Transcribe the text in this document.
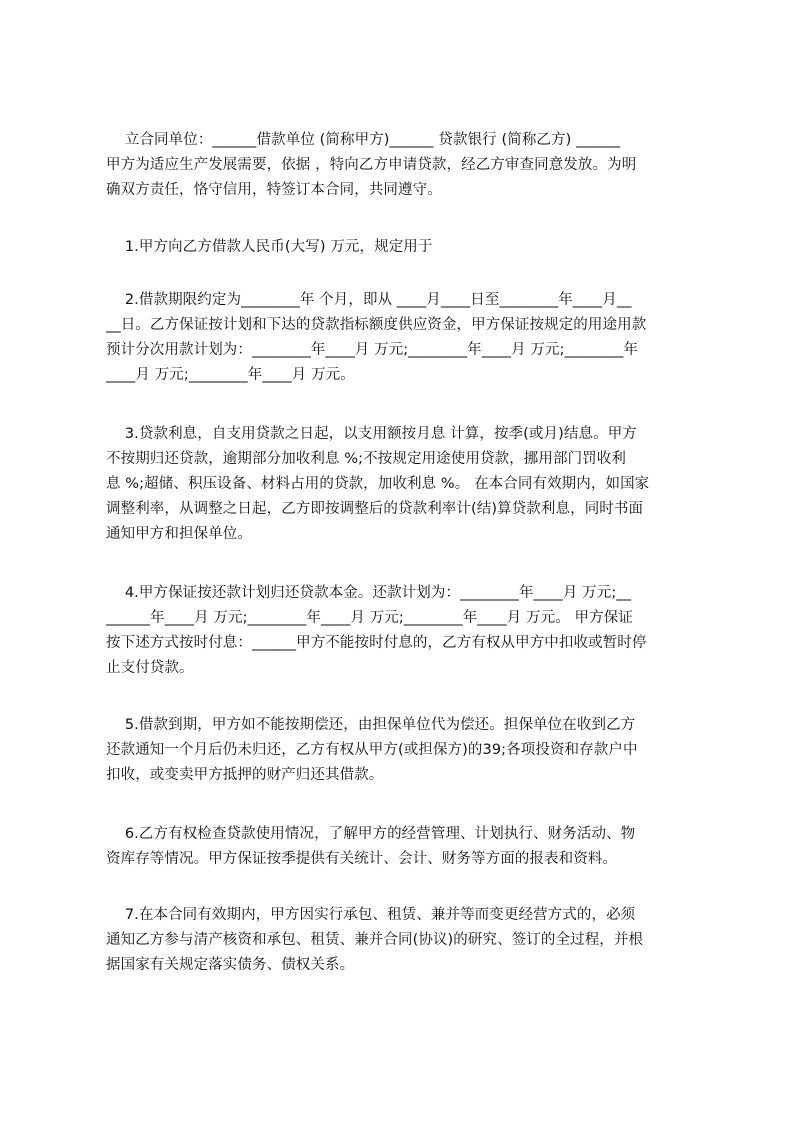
立合同单位：______借款单位 (简称甲方)______ 贷款银行 (简称乙方) ______
甲方为适应生产发展需要，依据 ，特向乙方申请贷款，经乙方审查同意发放。为明
确双方责任，恪守信用，特签订本合同，共同遵守。
1.甲方向乙方借款人民币(大写) 万元，规定用于
2.借款期限约定为________年 个月，即从 ____月____日至________年____月__
__日。乙方保证按计划和下达的贷款指标额度供应资金，甲方保证按规定的用途用款
预计分次用款计划为：________年____月 万元;________年____月 万元;________年
____月 万元;________年____月 万元。
3.贷款利息，自支用贷款之日起，以支用额按月息 计算，按季(或月)结息。甲方
不按期归还贷款，逾期部分加收利息 %;不按规定用途使用贷款，挪用部门罚收利
息 %;超储、积压设备、材料占用的贷款，加收利息 %。 在本合同有效期内，如国家
调整利率，从调整之日起，乙方即按调整后的贷款利率计(结)算贷款利息，同时书面
通知甲方和担保单位。
4.甲方保证按还款计划归还贷款本金。还款计划为：________年____月 万元;__
______年____月 万元;________年____月 万元;________年____月 万元。 甲方保证
按下述方式按时付息：______甲方不能按时付息的，乙方有权从甲方中扣收或暂时停
止支付贷款。
5.借款到期，甲方如不能按期偿还，由担保单位代为偿还。担保单位在收到乙方
还款通知一个月后仍未归还，乙方有权从甲方(或担保方)的39;各项投资和存款户中
扣收，或变卖甲方抵押的财产归还其借款。
6.乙方有权检查贷款使用情况，了解甲方的经营管理、计划执行、财务活动、物
资库存等情况。甲方保证按季提供有关统计、会计、财务等方面的报表和资料。
7.在本合同有效期内，甲方因实行承包、租赁、兼并等而变更经营方式的，必须
通知乙方参与清产核资和承包、租赁、兼并合同(协议)的研究、签订的全过程，并根
据国家有关规定落实债务、债权关系。
